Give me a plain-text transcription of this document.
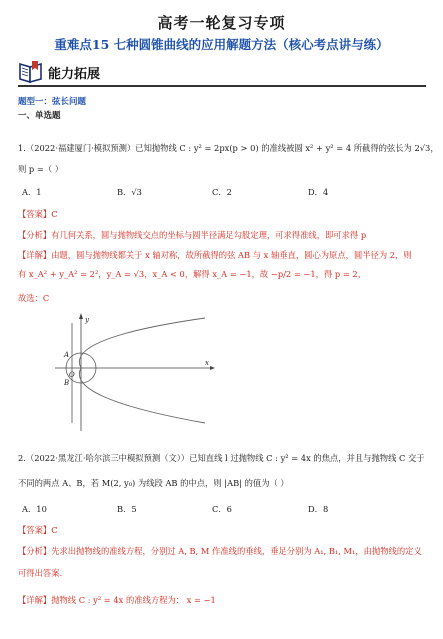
高考一轮复习专项
重难点15 七种圆锥曲线的应用解题方法（核心考点讲与练）
能力拓展
题型一：弦长问题
一、单选题
1.（2022·福建厦门·模拟预测）已知抛物线 C : y² = 2px(p > 0) 的准线被圆 x² + y² = 4 所截得的弦长为 2√3，
则 p =（ ）
A．1	B．√3	C．2	D．4
【答案】C
【分析】有几何关系，圆与抛物线交点的坐标与圆半径满足勾股定理，可求得准线，即可求得 p
【详解】由题，圆与抛物线都关于 x 轴对称，故所截得的弦 AB 与 x 轴垂直，圆心为原点，圆半径为 2，则
有 x_A² + y_A² = 2²，y_A = √3，x_A < 0，解得 x_A = −1，故 −p/2 = −1，得 p = 2，
故选：C
y
x
A
B
O
2.（2022·黑龙江·哈尔滨三中模拟预测（文））已知直线 l 过抛物线 C : y² = 4x 的焦点，并且与抛物线 C 交于
不同的两点 A、B，若 M(2, y₀) 为线段 AB 的中点，则 |AB| 的值为（ ）
A．10	B．5	C．6	D．8
【答案】C
【分析】先求出抛物线的准线方程，分别过 A, B, M 作准线的垂线，垂足分别为 A₁, B₁, M₁，由抛物线的定义
可得出答案.
【详解】抛物线 C : y² = 4x 的准线方程为： x = −1
